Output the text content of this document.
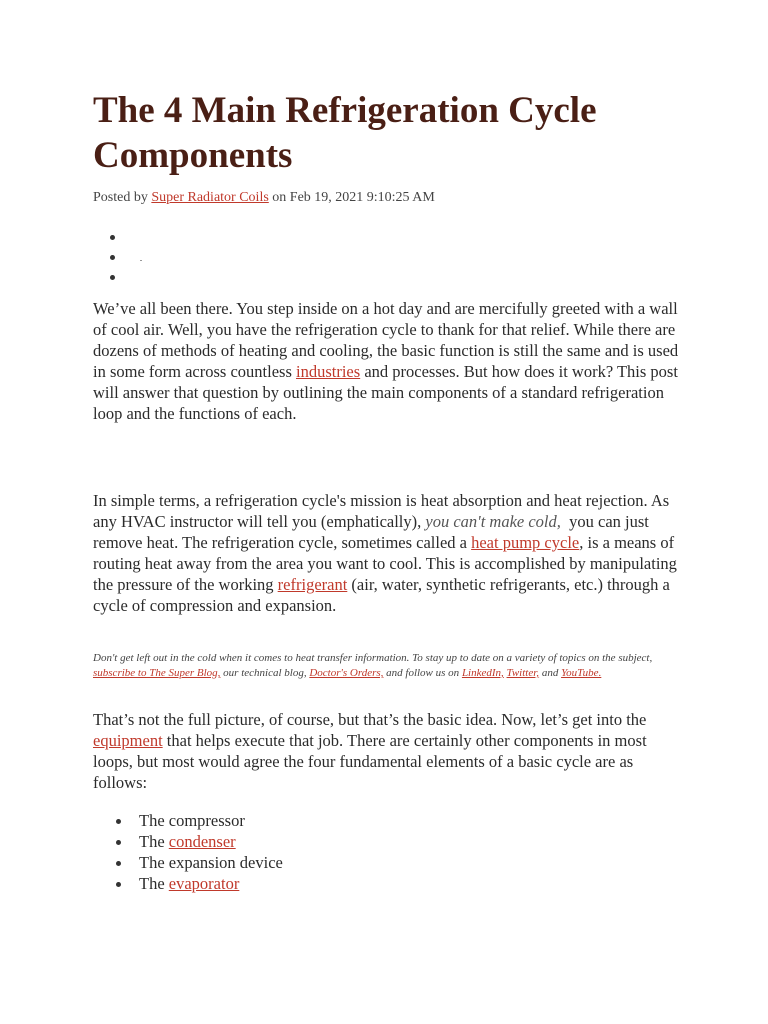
The 4 Main Refrigeration Cycle Components
Posted by Super Radiator Coils on Feb 19, 2021 9:10:25 AM

We’ve all been there. You step inside on a hot day and are mercifully greeted with a wall of cool air. Well, you have the refrigeration cycle to thank for that relief. While there are dozens of methods of heating and cooling, the basic function is still the same and is used in some form across countless industries and processes. But how does it work? This post will answer that question by outlining the main components of a standard refrigeration loop and the functions of each.

In simple terms, a refrigeration cycle's mission is heat absorption and heat rejection. As any HVAC instructor will tell you (emphatically), you can't make cold,  you can just remove heat. The refrigeration cycle, sometimes called a heat pump cycle, is a means of routing heat away from the area you want to cool. This is accomplished by manipulating the pressure of the working refrigerant (air, water, synthetic refrigerants, etc.) through a cycle of compression and expansion.

Don't get left out in the cold when it comes to heat transfer information. To stay up to date on a variety of topics on the subject, subscribe to The Super Blog, our technical blog, Doctor's Orders, and follow us on LinkedIn, Twitter, and YouTube.

That’s not the full picture, of course, but that’s the basic idea. Now, let’s get into the equipment that helps execute that job. There are certainly other components in most loops, but most would agree the four fundamental elements of a basic cycle are as follows:

The compressor
The condenser
The expansion device
The evaporator
